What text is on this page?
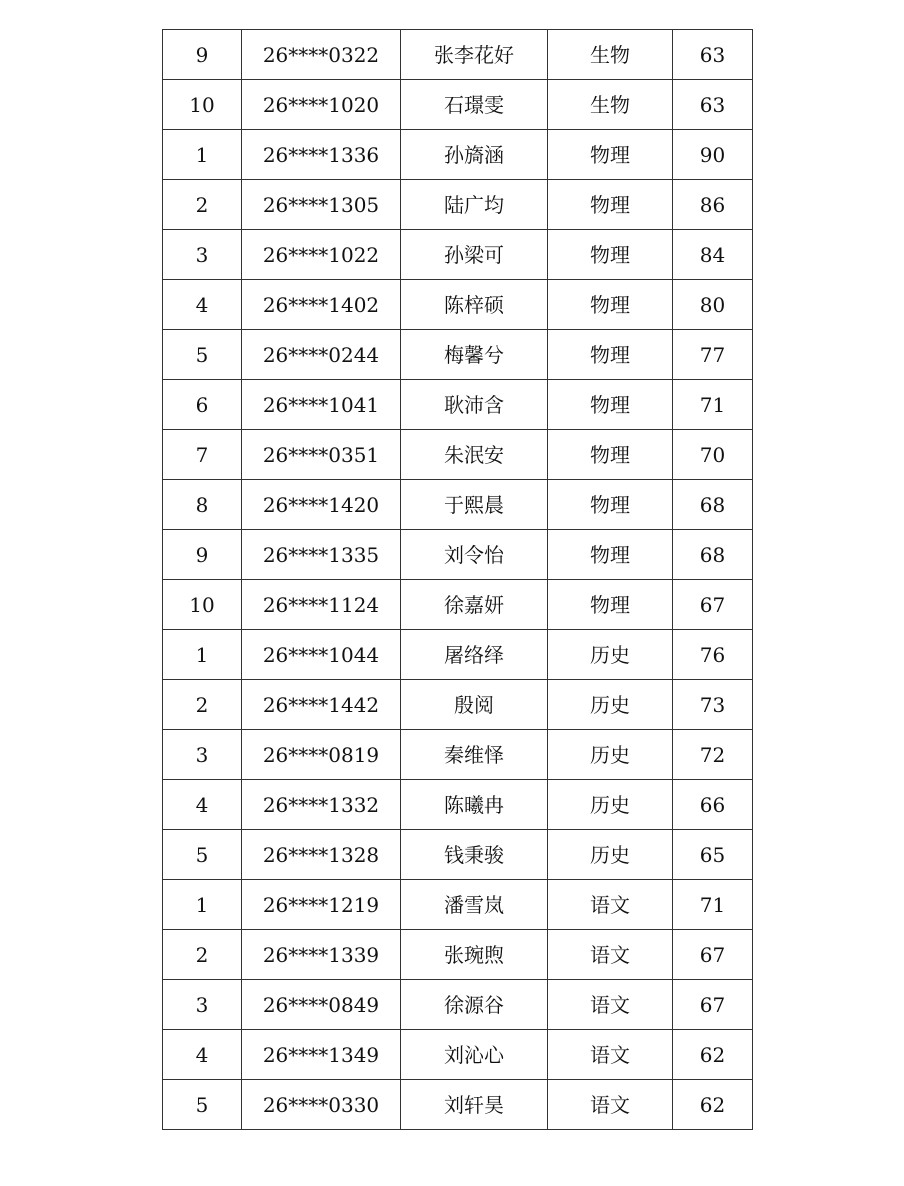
9	26****0322	张李花好	生物	63
10	26****1020	石璟雯	生物	63
1	26****1336	孙旖涵	物理	90
2	26****1305	陆广均	物理	86
3	26****1022	孙梁可	物理	84
4	26****1402	陈梓硕	物理	80
5	26****0244	梅馨兮	物理	77
6	26****1041	耿沛含	物理	71
7	26****0351	朱泯安	物理	70
8	26****1420	于熙晨	物理	68
9	26****1335	刘令怡	物理	68
10	26****1124	徐嘉妍	物理	67
1	26****1044	屠络绎	历史	76
2	26****1442	殷阅	历史	73
3	26****0819	秦维怿	历史	72
4	26****1332	陈曦冉	历史	66
5	26****1328	钱秉骏	历史	65
1	26****1219	潘雪岚	语文	71
2	26****1339	张琬煦	语文	67
3	26****0849	徐源谷	语文	67
4	26****1349	刘沁心	语文	62
5	26****0330	刘轩昊	语文	62
